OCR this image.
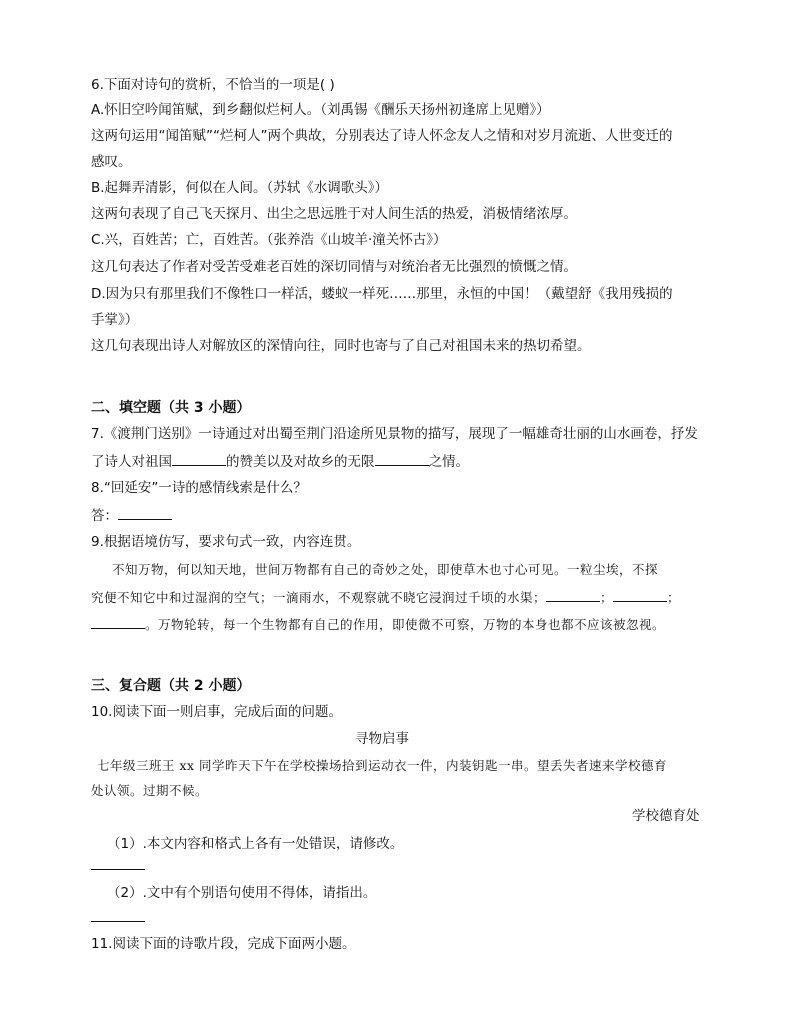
6.下面对诗句的赏析，不恰当的一项是( )
A.怀旧空吟闻笛赋，到乡翻似烂柯人。（刘禹锡《酬乐天扬州初逢席上见赠》）
这两句运用“闻笛赋”“烂柯人”两个典故，分别表达了诗人怀念友人之情和对岁月流逝、人世变迁的
感叹。
B.起舞弄清影，何似在人间。（苏轼《水调歌头》）
这两句表现了自己飞天探月、出尘之思远胜于对人间生活的热爱，消极情绪浓厚。
C.兴，百姓苦；亡，百姓苦。（张养浩《山坡羊·潼关怀古》）
这几句表达了作者对受苦受难老百姓的深切同情与对统治者无比强烈的愤慨之情。
D.因为只有那里我们不像牲口一样活，蝼蚁一样死……那里，永恒的中国！（戴望舒《我用残损的
手掌》）
这几句表现出诗人对解放区的深情向往，同时也寄与了自己对祖国未来的热切希望。
二、填空题（共 3 小题）
7.《渡荆门送别》一诗通过对出蜀至荆门沿途所见景物的描写，展现了一幅雄奇壮丽的山水画卷，抒发
了诗人对祖国	的赞美以及对故乡的无限	之情。
8.“回延安”一诗的感情线索是什么？
答：
9.根据语境仿写，要求句式一致，内容连贯。
不知万物，何以知天地，世间万物都有自己的奇妙之处，即使草木也寸心可见。一粒尘埃，不探
究便不知它中和过湿润的空气；一滴雨水，不观察就不晓它浸润过千顷的水渠；	；	；
。万物轮转，每一个生物都有自己的作用，即使微不可察，万物的本身也都不应该被忽视。
三、复合题（共 2 小题）
10.阅读下面一则启事，完成后面的问题。
寻物启事
七年级三班王 xx 同学昨天下午在学校操场拾到运动衣一件，内装钥匙一串。望丢失者速来学校德育
处认领。过期不候。
学校德育处
（1）.本文内容和格式上各有一处错误，请修改。
（2）.文中有个别语句使用不得体，请指出。
11.阅读下面的诗歌片段，完成下面两小题。
